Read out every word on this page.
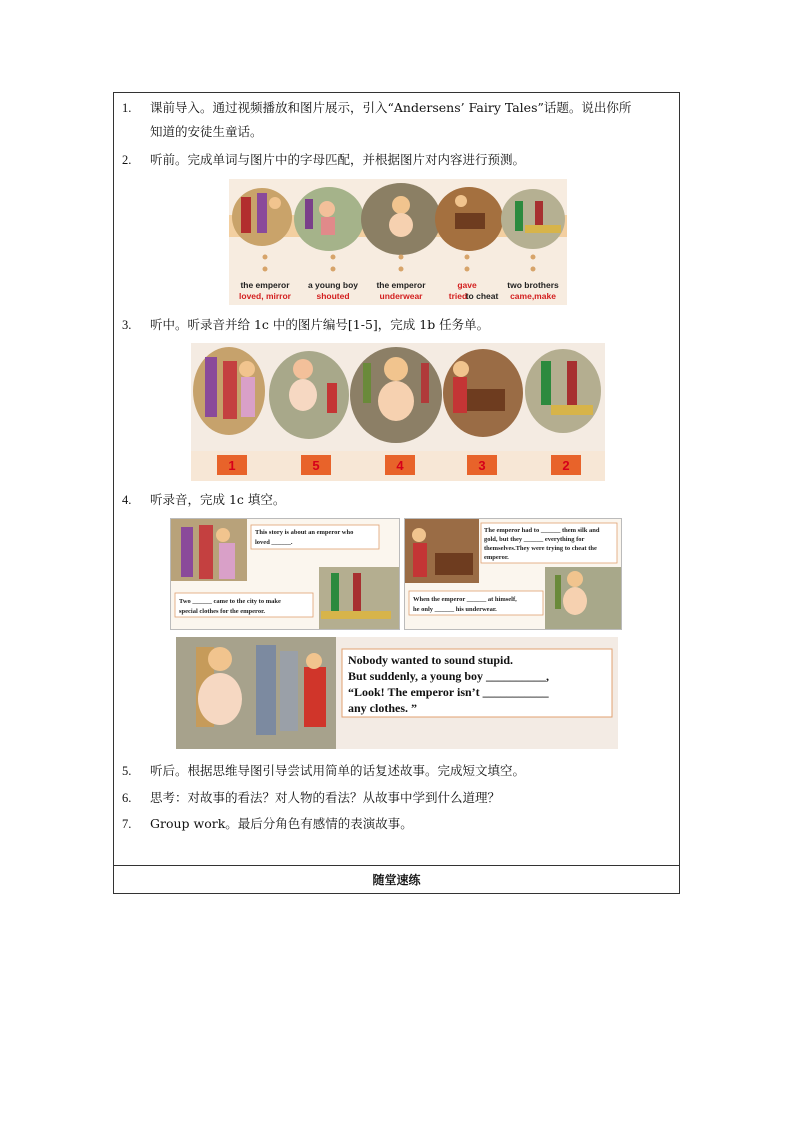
1. 课前导入。通过视频播放和图片展示，引入“Andersens’ Fairy Tales”话题。说出你所
知道的安徒生童话。
2. 听前。完成单词与图片中的字母匹配，并根据图片对内容进行预测。
the emperor
loved, mirror
a young boy
shouted
the emperor
underwear
gave
tried
to cheat
two brothers
came,make
3. 听中。听录音并给 1c 中的图片编号[1-5]，完成 1b 任务单。
1	5	4	3	2
4. 听录音，完成 1c 填空。
This story is about an emperor who
loved ______.
Two ______ came to the city to make
special clothes for the emperor.
The emperor had to ______ them silk and
gold, but they ______ everything for
themselves.They were trying to cheat the
emperor.
When the emperor ______ at himself,
he only ______ his underwear.
Nobody wanted to sound stupid.
But suddenly, a young boy __________,
“Look! The emperor isn’t ___________
any clothes. ”
5. 听后。根据思维导图引导尝试用简单的话复述故事。完成短文填空。
6. 思考：对故事的看法？对人物的看法？从故事中学到什么道理？
7. Group work。最后分角色有感情的表演故事。
随堂速练
